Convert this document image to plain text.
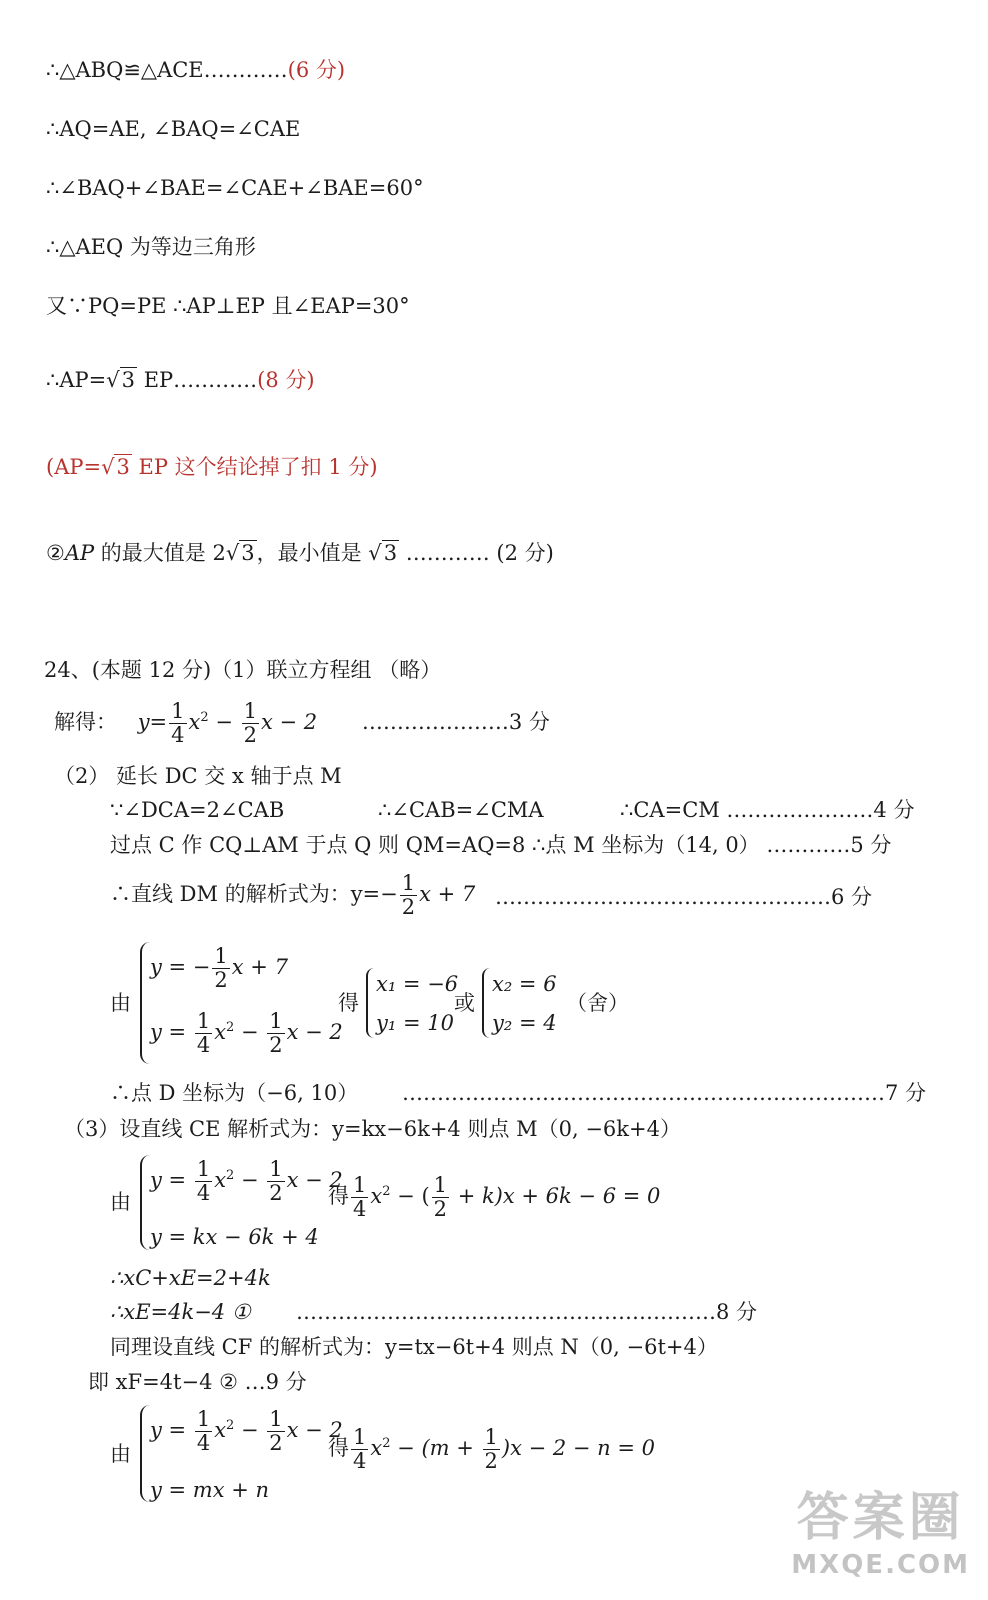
∴△ABQ≌△ACE…………(6 分)
∴AQ=AE, ∠BAQ=∠CAE
∴∠BAQ+∠BAE=∠CAE+∠BAE=60°
∴△AEQ 为等边三角形
又∵PQ=PE ∴AP⊥EP 且∠EAP=30°
∴AP=√3 EP…………(8 分)
(AP=√3 EP 这个结论掉了扣 1 分)
②AP 的最大值是 2√3，最小值是 √3 ………… (2 分)
24、(本题 12 分)（1）联立方程组 （略）
解得： $y= \frac{1}{4} x^2 - \frac{1}{2}$ x − 2 …………………3 分
（2） 延长 DC 交 x 轴于点 M
∵∠DCA=2∠CAB	∴∠CAB=∠CMA	∴CA=CM …………………4 分
过点 C 作 CQ⊥AM 于点 Q 则 QM=AQ=8 ∴点 M 坐标为（14, 0） …………5 分
∴直线 DM 的解析式为：$y=- \frac{1}{2}$ x + 7 …………………………………………6 分
由
y = − $\frac{1}{2}$ x + 7
$y = \frac{1}{4} x^2 - \frac{1}{2}$ x − 2
得
x₁ = −6
y₁ = 10
或
x₂ = 6
y₂ = 4
（舍）
∴点 D 坐标为（−6, 10） ……………………………………………………………7 分
（3）设直线 CE 解析式为：y=kx−6k+4 则点 M（0, −6k+4）
由
$y = \frac{1}{4} x^2 - \frac{1}{2}$ x − 2
y = kx − 6k + 4
得 $\frac{1}{4} x^2$ − ( $\frac{1}{2} + k)x + 6k - 6 = 0$
∴xC+xE=2+4k
∴xE=4k−4 ① ……………………………………………………8 分
同理设直线 CF 的解析式为：y=tx−6t+4 则点 N（0, −6t+4）
即 xF=4t−4 ② …9 分
由
$y = \frac{1}{4} x^2 - \frac{1}{2}$ x − 2
y = mx + n
得 $\frac{1}{4} x^2 - (m + \frac{1}{2} )x - 2 - n = 0$
答案圈
MXQE.COM
